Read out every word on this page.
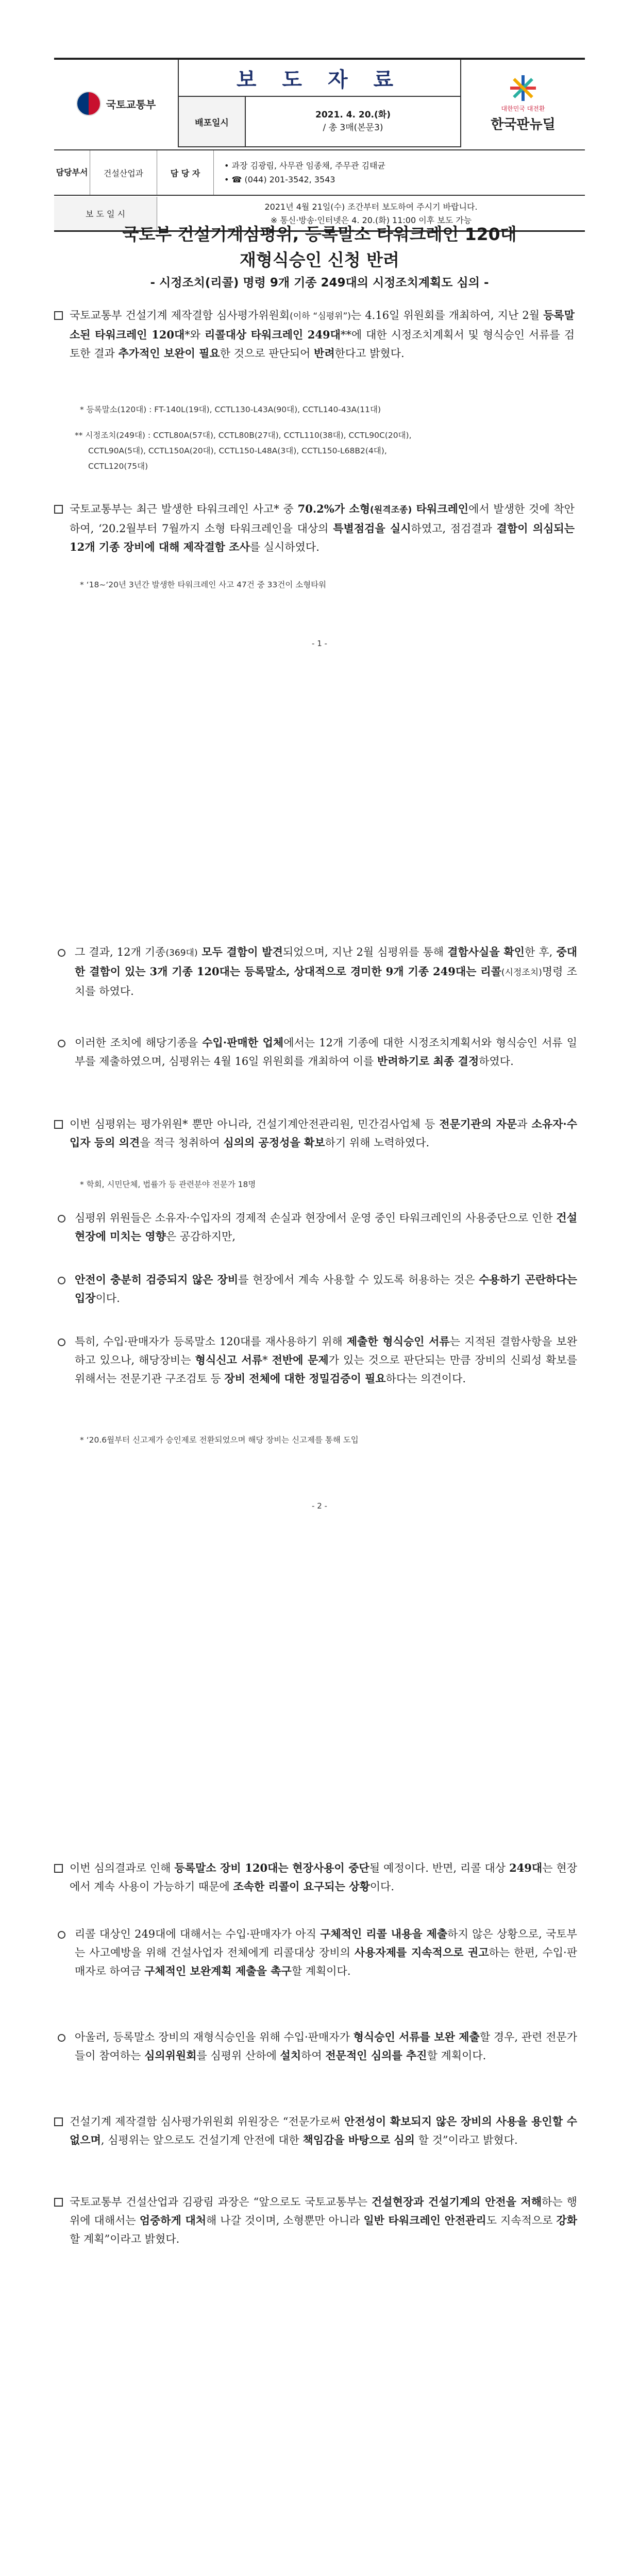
국토교통부
보 도 자 료
배포일시
2021. 4. 20.(화)
/ 총 3매(본문3)
대한민국 대전환
한국판뉴딜
담당부서	건설산업과	담 당 자
• 과장 김광림, 사무관 임종채, 주무관 김태균
• ☎ (044) 201-3542, 3543
보 도 일 시
2021년 4월 21일(수) 조간부터 보도하여 주시기 바랍니다.
※ 통신·방송·인터넷은 4. 20.(화) 11:00 이후 보도 가능
국토부 건설기계심평위, 등록말소 타워크레인 120대
재형식승인 신청 반려
- 시정조치(리콜) 명령 9개 기종 249대의 시정조치계획도 심의 -
국토교통부 건설기계 제작결함 심사평가위원회(이하 “심평위”)는 4.16일 위원회를 개최하여, 지난 2월 등록말소된 타워크레인 120대*와 리콜대상 타워크레인 249대**에 대한 시정조치계획서 및 형식승인 서류를 검토한 결과 추가적인 보완이 필요한 것으로 판단되어 반려한다고 밝혔다.
* 등록말소(120대) : FT-140L(19대), CCTL130-L43A(90대), CCTL140-43A(11대)
** 시정조치(249대) : CCTL80A(57대), CCTL80B(27대), CCTL110(38대), CCTL90C(20대),
CCTL90A(5대), CCTL150A(20대), CCTL150-L48A(3대), CCTL150-L68B2(4대),
CCTL120(75대)
국토교통부는 최근 발생한 타워크레인 사고* 중 70.2%가 소형(원격조종) 타워크레인에서 발생한 것에 착안하여, ‘20.2월부터 7월까지 소형 타워크레인을 대상의 특별점검을 실시하였고, 점검결과 결함이 의심되는 12개 기종 장비에 대해 제작결함 조사를 실시하였다.
* ‘18~‘20년 3년간 발생한 타워크레인 사고 47건 중 33건이 소형타워
- 1 -
그 결과, 12개 기종(369대) 모두 결함이 발견되었으며, 지난 2월 심평위를 통해 결함사실을 확인한 후, 중대한 결함이 있는 3개 기종 120대는 등록말소, 상대적으로 경미한 9개 기종 249대는 리콜(시정조치)명령 조치를 하였다.
이러한 조치에 해당기종을 수입·판매한 업체에서는 12개 기종에 대한 시정조치계획서와 형식승인 서류 일부를 제출하였으며, 심평위는 4월 16일 위원회를 개최하여 이를 반려하기로 최종 결정하였다.
이번 심평위는 평가위원* 뿐만 아니라, 건설기계안전관리원, 민간검사업체 등 전문기관의 자문과 소유자·수입자 등의 의견을 적극 청취하여 심의의 공정성을 확보하기 위해 노력하였다.
* 학회, 시민단체, 법률가 등 관련분야 전문가 18명
심평위 위원들은 소유자·수입자의 경제적 손실과 현장에서 운영 중인 타워크레인의 사용중단으로 인한 건설현장에 미치는 영향은 공감하지만,
안전이 충분히 검증되지 않은 장비를 현장에서 계속 사용할 수 있도록 허용하는 것은 수용하기 곤란하다는 입장이다.
특히, 수입·판매자가 등록말소 120대를 재사용하기 위해 제출한 형식승인 서류는 지적된 결함사항을 보완하고 있으나, 해당장비는 형식신고 서류* 전반에 문제가 있는 것으로 판단되는 만큼 장비의 신뢰성 확보를 위해서는 전문기관 구조검토 등 장비 전체에 대한 정밀검증이 필요하다는 의견이다.
* ‘20.6월부터 신고제가 승인제로 전환되었으며 해당 장비는 신고제를 통해 도입
- 2 -
이번 심의결과로 인해 등록말소 장비 120대는 현장사용이 중단될 예정이다. 반면, 리콜 대상 249대는 현장에서 계속 사용이 가능하기 때문에 조속한 리콜이 요구되는 상황이다.
리콜 대상인 249대에 대해서는 수입·판매자가 아직 구체적인 리콜 내용을 제출하지 않은 상황으로, 국토부는 사고예방을 위해 건설사업자 전체에게 리콜대상 장비의 사용자제를 지속적으로 권고하는 한편, 수입·판매자로 하여금 구체적인 보완계획 제출을 촉구할 계획이다.
아울러, 등록말소 장비의 재형식승인을 위해 수입·판매자가 형식승인 서류를 보완 제출할 경우, 관련 전문가들이 참여하는 심의위원회를 심평위 산하에 설치하여 전문적인 심의를 추진할 계획이다.
건설기계 제작결함 심사평가위원회 위원장은 “전문가로써 안전성이 확보되지 않은 장비의 사용을 용인할 수 없으며, 심평위는 앞으로도 건설기계 안전에 대한 책임감을 바탕으로 심의 할 것”이라고 밝혔다.
국토교통부 건설산업과 김광림 과장은 “앞으로도 국토교통부는 건설현장과 건설기계의 안전을 저해하는 행위에 대해서는 엄중하게 대처해 나갈 것이며, 소형뿐만 아니라 일반 타워크레인 안전관리도 지속적으로 강화할 계획”이라고 밝혔다.
